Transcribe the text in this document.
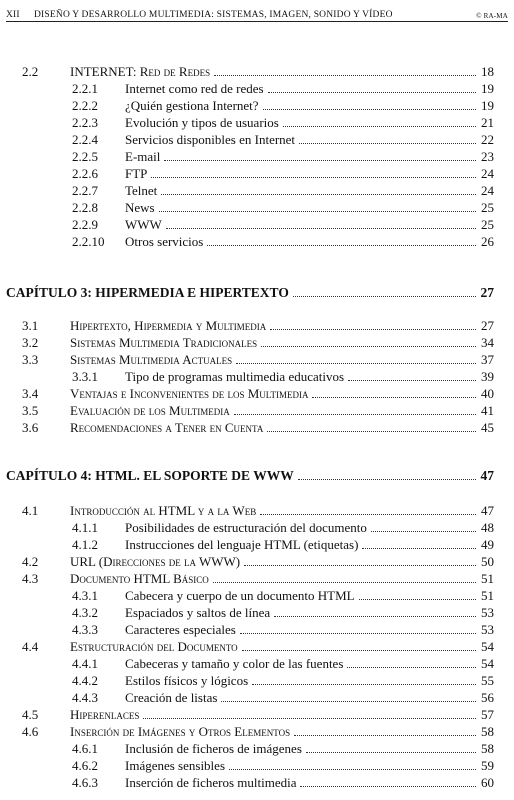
XII	DISEÑO Y DESARROLLO MULTIMEDIA: SISTEMAS, IMAGEN, SONIDO Y VÍDEO	© RA-MA
2.2 INTERNET: Red de Redes	18
2.2.1 Internet como red de redes	19
2.2.2 ¿Quién gestiona Internet?	19
2.2.3 Evolución y tipos de usuarios	21
2.2.4 Servicios disponibles en Internet	22
2.2.5 E-mail	23
2.2.6 FTP	24
2.2.7 Telnet	24
2.2.8 News	25
2.2.9 WWW	25
2.2.10 Otros servicios	26
CAPÍTULO 3: HIPERMEDIA E HIPERTEXTO	27
3.1 Hipertexto, Hipermedia y Multimedia	27
3.2 Sistemas Multimedia Tradicionales	34
3.3 Sistemas Multimedia Actuales	37
3.3.1 Tipo de programas multimedia educativos	39
3.4 Ventajas e Inconvenientes de los Multimedia	40
3.5 Evaluación de los Multimedia	41
3.6 Recomendaciones a Tener en Cuenta	45
CAPÍTULO 4: HTML. EL SOPORTE DE WWW	47
4.1 Introducción al HTML y a la Web	47
4.1.1 Posibilidades de estructuración del documento	48
4.1.2 Instrucciones del lenguaje HTML (etiquetas)	49
4.2 URL (Direcciones de la WWW)	50
4.3 Documento HTML Básico	51
4.3.1 Cabecera y cuerpo de un documento HTML	51
4.3.2 Espaciados y saltos de línea	53
4.3.3 Caracteres especiales	53
4.4 Estructuración del Documento	54
4.4.1 Cabeceras y tamaño y color de las fuentes	54
4.4.2 Estilos físicos y lógicos	55
4.4.3 Creación de listas	56
4.5 Hiperenlaces	57
4.6 Inserción de Imágenes y Otros Elementos	58
4.6.1 Inclusión de ficheros de imágenes	58
4.6.2 Imágenes sensibles	59
4.6.3 Inserción de ficheros multimedia	60
